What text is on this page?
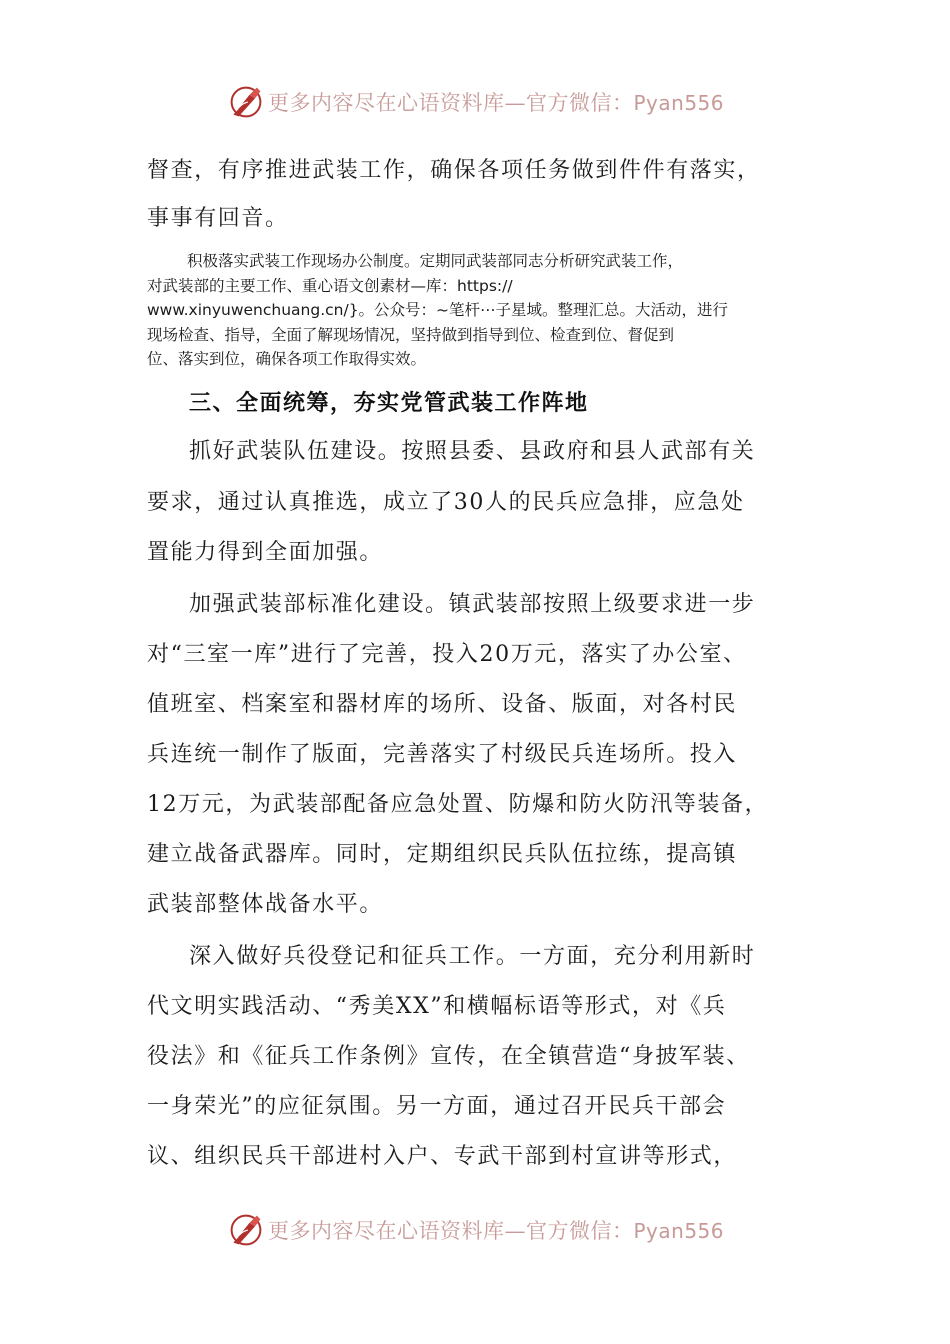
更多内容尽在心语资料库—官方微信：Pyan556
督查，有序推进武装工作，确保各项任务做到件件有落实，
事事有回音。
积极落实武装工作现场办公制度。定期同武装部同志分析研究武装工作，
对武装部的主要工作、重心语文创素材—库：https://
www.xinyuwenchuang.cn/}。公众号：~笔杆⋯子星域。整理汇总。大活动，进行
现场检查、指导，全面了解现场情况，坚持做到指导到位、检查到位、督促到
位、落实到位，确保各项工作取得实效。
三、全面统筹，夯实党管武装工作阵地
抓好武装队伍建设。按照县委、县政府和县人武部有关
要求，通过认真推选，成立了30人的民兵应急排，应急处
置能力得到全面加强。
加强武装部标准化建设。镇武装部按照上级要求进一步
对“三室一库”进行了完善，投入20万元，落实了办公室、
值班室、档案室和器材库的场所、设备、版面，对各村民
兵连统一制作了版面，完善落实了村级民兵连场所。投入
12万元，为武装部配备应急处置、防爆和防火防汛等装备，
建立战备武器库。同时，定期组织民兵队伍拉练，提高镇
武装部整体战备水平。
深入做好兵役登记和征兵工作。一方面，充分利用新时
代文明实践活动、“秀美XX”和横幅标语等形式，对《兵
役法》和《征兵工作条例》宣传，在全镇营造“身披军装、
一身荣光”的应征氛围。另一方面，通过召开民兵干部会
议、组织民兵干部进村入户、专武干部到村宣讲等形式，
更多内容尽在心语资料库—官方微信：Pyan556
